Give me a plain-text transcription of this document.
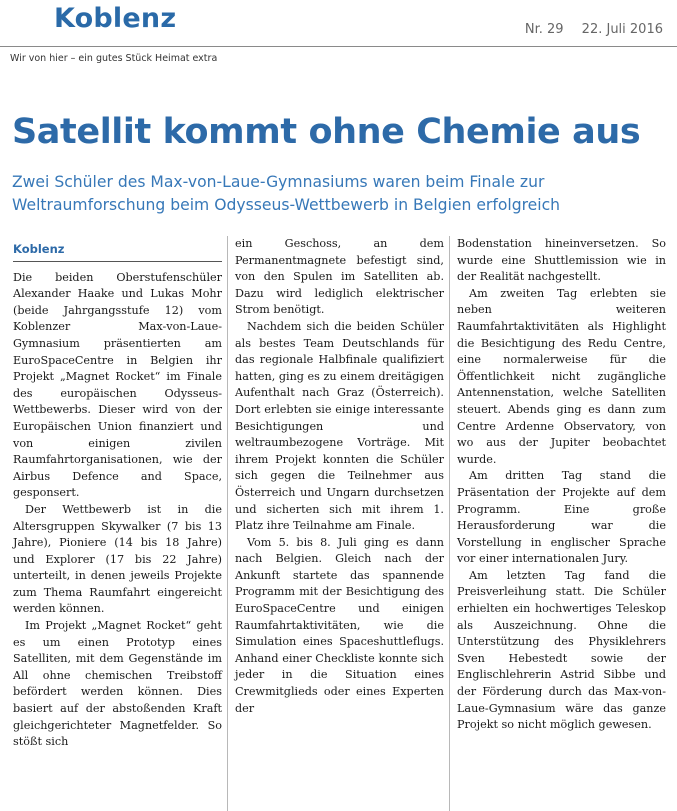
Koblenz	Nr. 29 22. Juli 2016
Wir von hier – ein gutes Stück Heimat extra
Satellit kommt ohne Chemie aus
Zwei Schüler des Max-von-Laue-Gymnasiums waren beim Finale zur Weltraumforschung beim Odysseus-Wettbewerb in Belgien erfolgreich
Koblenz

Die beiden Oberstufenschüler Alexander Haake und Lukas Mohr (beide Jahrgangsstufe 12) vom Koblenzer Max-von-Laue-Gymnasium präsentierten am EuroSpaceCentre in Belgien ihr Projekt „Magnet Rocket“ im Finale des europäischen Odysseus-Wettbewerbs. Dieser wird von der Europäischen Union finanziert und von einigen zivilen Raumfahrtorganisationen, wie der Airbus Defence and Space, gesponsert.

Der Wettbewerb ist in die Altersgruppen Skywalker (7 bis 13 Jahre), Pioniere (14 bis 18 Jahre) und Explorer (17 bis 22 Jahre) unterteilt, in denen jeweils Projekte zum Thema Raumfahrt eingereicht werden können.

Im Projekt „Magnet Rocket“ geht es um einen Prototyp eines Satelliten, mit dem Gegenstände im All ohne chemischen Treibstoff befördert werden können. Dies basiert auf der abstoßenden Kraft gleichgerichteter Magnetfelder. So stößt sich

ein Geschoss, an dem Permanentmagnete befestigt sind, von den Spulen im Satelliten ab. Dazu wird lediglich elektrischer Strom benötigt.

Nachdem sich die beiden Schüler als bestes Team Deutschlands für das regionale Halbfinale qualifiziert hatten, ging es zu einem dreitägigen Aufenthalt nach Graz (Österreich). Dort erlebten sie einige interessante Besichtigungen und weltraumbezogene Vorträge. Mit ihrem Projekt konnten die Schüler sich gegen die Teilnehmer aus Österreich und Ungarn durchsetzen und sicherten sich mit ihrem 1. Platz ihre Teilnahme am Finale.

Vom 5. bis 8. Juli ging es dann nach Belgien. Gleich nach der Ankunft startete das spannende Programm mit der Besichtigung des EuroSpaceCentre und einigen Raumfahrtaktivitäten, wie die Simulation eines Spaceshuttleflugs. Anhand einer Checkliste konnte sich jeder in die Situation eines Crewmitglieds oder eines Experten der

Bodenstation hineinversetzen. So wurde eine Shuttlemission wie in der Realität nachgestellt.

Am zweiten Tag erlebten sie neben weiteren Raumfahrtaktivitäten als Highlight die Besichtigung des Redu Centre, eine normalerweise für die Öffentlichkeit nicht zugängliche Antennenstation, welche Satelliten steuert. Abends ging es dann zum Centre Ardenne Observatory, von wo aus der Jupiter beobachtet wurde.

Am dritten Tag stand die Präsentation der Projekte auf dem Programm. Eine große Herausforderung war die Vorstellung in englischer Sprache vor einer internationalen Jury.

Am letzten Tag fand die Preisverleihung statt. Die Schüler erhielten ein hochwertiges Teleskop als Auszeichnung. Ohne die Unterstützung des Physiklehrers Sven Hebestedt sowie der Englischlehrerin Astrid Sibbe und der Förderung durch das Max-von-Laue-Gymnasium wäre das ganze Projekt so nicht möglich gewesen.
